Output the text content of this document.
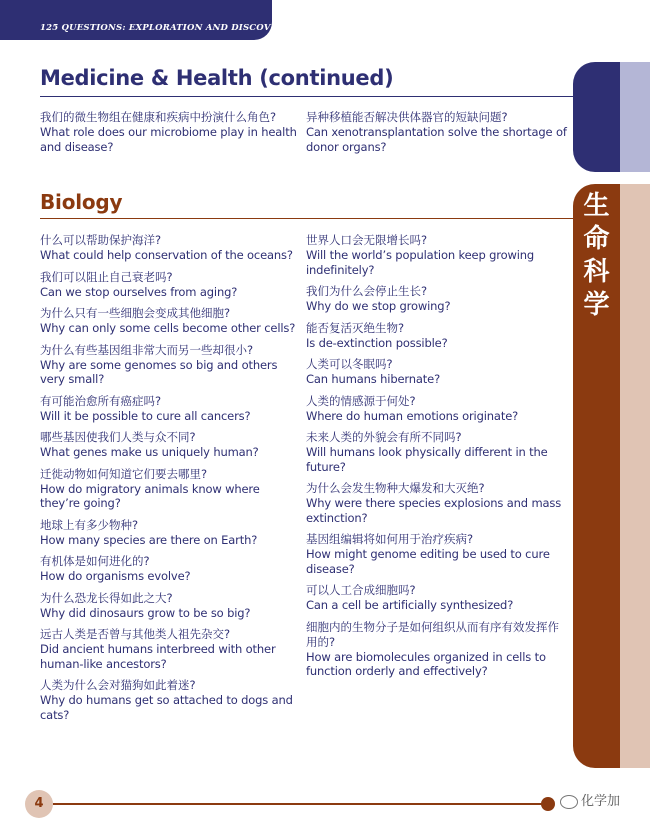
125 QUESTIONS: EXPLORATION AND DISCOVERY
Medicine & Health (continued)
我们的微生物组在健康和疾病中扮演什么角色?
What role does our microbiome play in health and disease?
异种移植能否解决供体器官的短缺问题?
Can xenotransplantation solve the shortage of donor organs?
Biology
什么可以帮助保护海洋?
What could help conservation of the oceans?
我们可以阻止自己衰老吗?
Can we stop ourselves from aging?
为什么只有一些细胞会变成其他细胞?
Why can only some cells become other cells?
为什么有些基因组非常大而另一些却很小?
Why are some genomes so big and others very small?
有可能治愈所有癌症吗?
Will it be possible to cure all cancers?
哪些基因使我们人类与众不同?
What genes make us uniquely human?
迁徙动物如何知道它们要去哪里?
How do migratory animals know where they’re going?
地球上有多少物种?
How many species are there on Earth?
有机体是如何进化的?
How do organisms evolve?
为什么恐龙长得如此之大?
Why did dinosaurs grow to be so big?
远古人类是否曾与其他类人祖先杂交?
Did ancient humans interbreed with other human-like ancestors?
人类为什么会对猫狗如此着迷?
Why do humans get so attached to dogs and cats?
世界人口会无限增长吗?
Will the world’s population keep growing indefinitely?
我们为什么会停止生长?
Why do we stop growing?
能否复活灭绝生物?
Is de-extinction possible?
人类可以冬眠吗?
Can humans hibernate?
人类的情感源于何处?
Where do human emotions originate?
未来人类的外貌会有所不同吗?
Will humans look physically different in the future?
为什么会发生物种大爆发和大灭绝?
Why were there species explosions and mass extinction?
基因组编辑将如何用于治疗疾病?
How might genome editing be used to cure disease?
可以人工合成细胞吗?
Can a cell be artificially synthesized?
细胞内的生物分子是如何组织从而有序有效发挥作用的?
How are biomolecules organized in cells to function orderly and effectively?
生
命
科
学
4	化学加
